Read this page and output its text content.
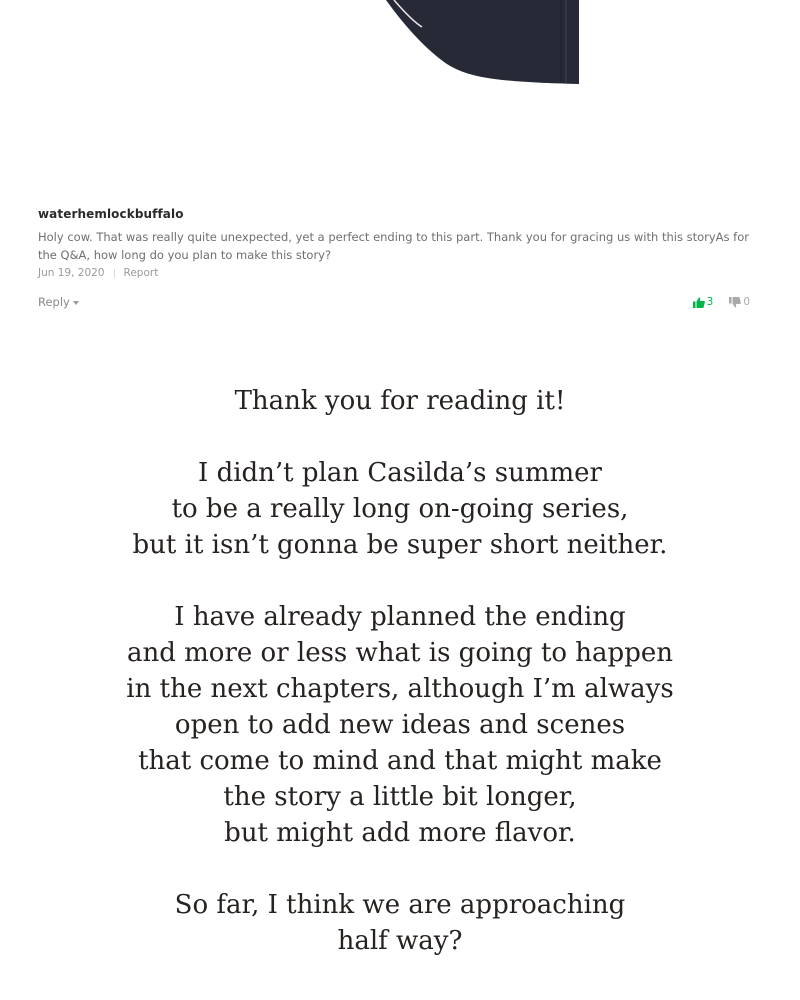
waterhemlockbuffalo
Holy cow. That was really quite unexpected, yet a perfect ending to this part. Thank you for gracing us with this storyAs for the Q&A, how long do you plan to make this story?
Jun 19, 2020 Report
Reply	3	0
Thank you for reading it!
I didn’t plan Casilda’s summer
to be a really long on-going series,
but it isn’t gonna be super short neither.
I have already planned the ending
and more or less what is going to happen
in the next chapters, although I’m always
open to add new ideas and scenes
that come to mind and that might make
the story a little bit longer,
but might add more flavor.
So far, I think we are approaching
half way?
